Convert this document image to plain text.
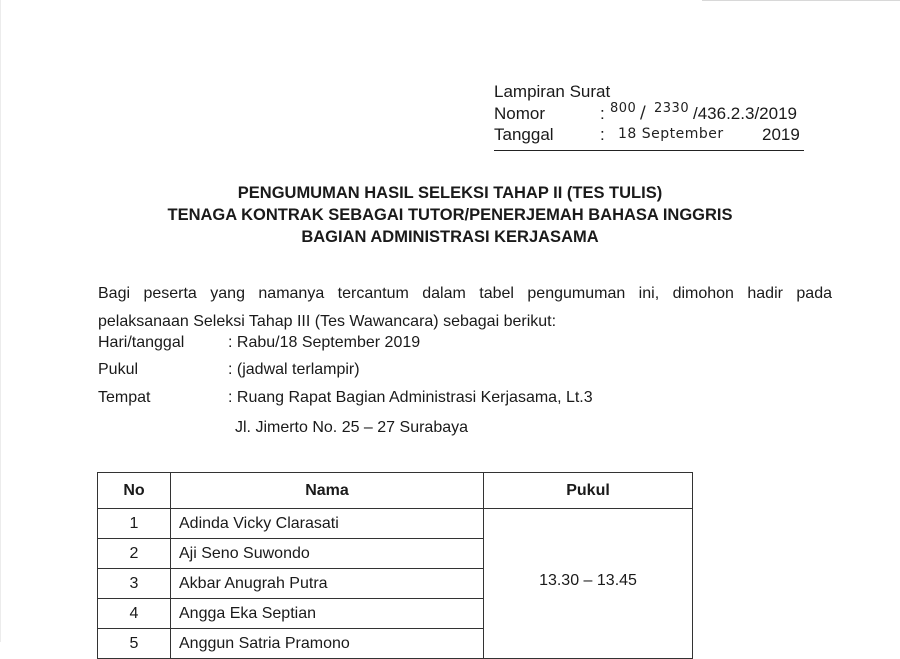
Lampiran Surat
Nomor	: 800 / 2330 /436.2.3/2019
Tanggal	: 18 September 2019
PENGUMUMAN HASIL SELEKSI TAHAP II (TES TULIS)
TENAGA KONTRAK SEBAGAI TUTOR/PENERJEMAH BAHASA INGGRIS
BAGIAN ADMINISTRASI KERJASAMA
Bagi peserta yang namanya tercantum dalam tabel pengumuman ini, dimohon hadir pada
pelaksanaan Seleksi Tahap III (Tes Wawancara) sebagai berikut:
Hari/tanggal	: Rabu/18 September 2019
Pukul	: (jadwal terlampir)
Tempat	: Ruang Rapat Bagian Administrasi Kerjasama, Lt.3
Jl. Jimerto No. 25 – 27 Surabaya
No	Nama	Pukul
1	Adinda Vicky Clarasati	13.30 – 13.45
2	Aji Seno Suwondo	
3	Akbar Anugrah Putra	
4	Angga Eka Septian	
5	Anggun Satria Pramono	
